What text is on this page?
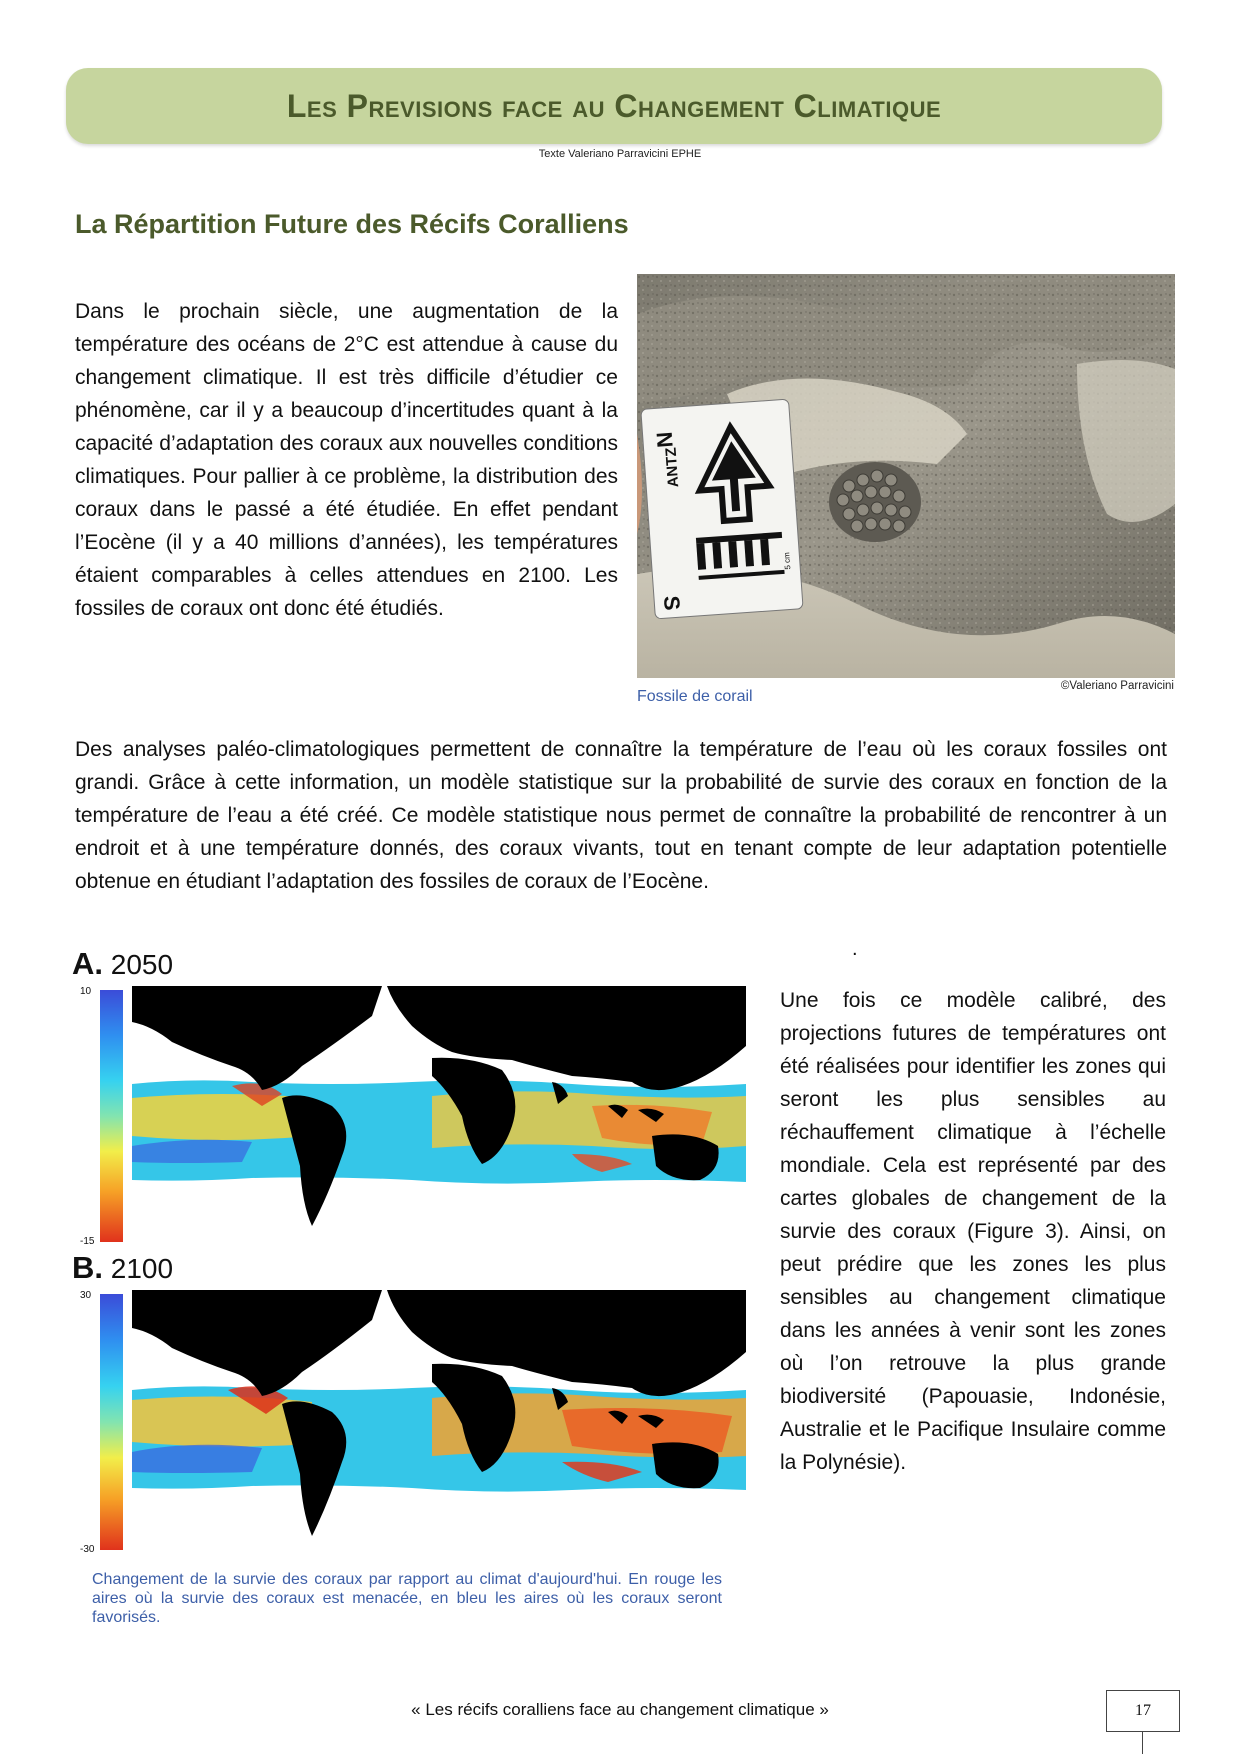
Les Previsions face au Changement Climatique
Texte Valeriano Parravicini EPHE
La Répartition Future des Récifs Coralliens

Dans le prochain siècle, une augmentation de la température des océans de 2°C est attendue à cause du changement climatique. Il est très difficile d’étudier ce phénomène, car il y a beaucoup d’incertitudes quant à la capacité d’adaptation des coraux aux nouvelles conditions climatiques. Pour pallier à ce problème, la distribution des coraux dans le passé a été étudiée. En effet pendant l’Eocène (il y a 40 millions d’années), les températures étaient comparables à celles attendues en 2100. Les fossiles de coraux ont donc été étudiés.

N
S
ANTZ
5 cm
Fossile de corail
©Valeriano Parravicini

Des analyses paléo-climatologiques permettent de connaître la température de l’eau où les coraux fossiles ont grandi. Grâce à cette information, un modèle statistique sur la probabilité de survie des coraux en fonction de la température de l’eau a été créé. Ce modèle statistique nous permet de connaître la probabilité de rencontrer à un endroit et à une température donnés, des coraux vivants, tout en tenant compte de leur adaptation potentielle obtenue en étudiant l’adaptation des fossiles de coraux de l’Eocène.

.
A. 2050
10
-15
B. 2100
30
-30
Changement de la survie des coraux par rapport au climat d'aujourd'hui. En rouge les aires où la survie des coraux est menacée, en bleu les aires où les coraux seront favorisés.

Une fois ce modèle calibré, des projections futures de températures ont été réalisées pour identifier les zones qui seront les plus sensibles au réchauffement climatique à l’échelle mondiale. Cela est représenté par des cartes globales de changement de la survie des coraux (Figure 3). Ainsi, on peut prédire que les zones les plus sensibles au changement climatique dans les années à venir sont les zones où l’on retrouve la plus grande biodiversité (Papouasie, Indonésie, Australie et le Pacifique Insulaire comme la Polynésie).

« Les récifs coralliens face au changement climatique »	17
